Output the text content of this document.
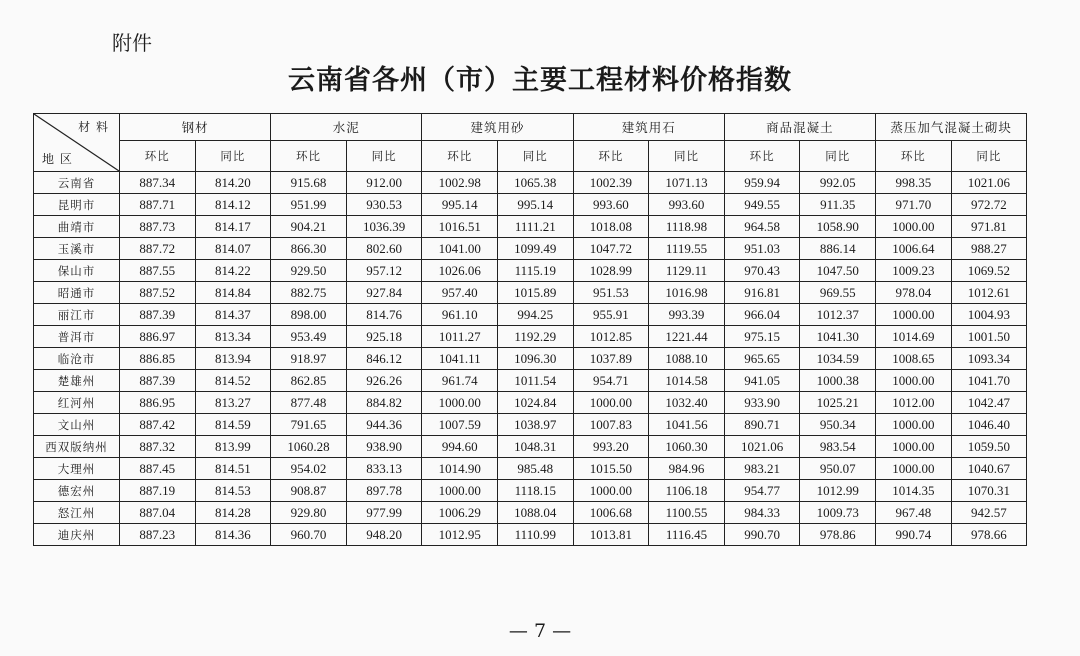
附件
云南省各州（市）主要工程材料价格指数
材 料
地 区	钢材		水泥		建筑用砂		建筑用石		商品混凝土		蒸压加气混凝土砌块	
	环比	同比	环比	同比	环比	同比	环比	同比	环比	同比	环比	同比
云南省	887.34	814.20	915.68	912.00	1002.98	1065.38	1002.39	1071.13	959.94	992.05	998.35	1021.06
昆明市	887.71	814.12	951.99	930.53	995.14	995.14	993.60	993.60	949.55	911.35	971.70	972.72
曲靖市	887.73	814.17	904.21	1036.39	1016.51	1111.21	1018.08	1118.98	964.58	1058.90	1000.00	971.81
玉溪市	887.72	814.07	866.30	802.60	1041.00	1099.49	1047.72	1119.55	951.03	886.14	1006.64	988.27
保山市	887.55	814.22	929.50	957.12	1026.06	1115.19	1028.99	1129.11	970.43	1047.50	1009.23	1069.52
昭通市	887.52	814.84	882.75	927.84	957.40	1015.89	951.53	1016.98	916.81	969.55	978.04	1012.61
丽江市	887.39	814.37	898.00	814.76	961.10	994.25	955.91	993.39	966.04	1012.37	1000.00	1004.93
普洱市	886.97	813.34	953.49	925.18	1011.27	1192.29	1012.85	1221.44	975.15	1041.30	1014.69	1001.50
临沧市	886.85	813.94	918.97	846.12	1041.11	1096.30	1037.89	1088.10	965.65	1034.59	1008.65	1093.34
楚雄州	887.39	814.52	862.85	926.26	961.74	1011.54	954.71	1014.58	941.05	1000.38	1000.00	1041.70
红河州	886.95	813.27	877.48	884.82	1000.00	1024.84	1000.00	1032.40	933.90	1025.21	1012.00	1042.47
文山州	887.42	814.59	791.65	944.36	1007.59	1038.97	1007.83	1041.56	890.71	950.34	1000.00	1046.40
西双版纳州	887.32	813.99	1060.28	938.90	994.60	1048.31	993.20	1060.30	1021.06	983.54	1000.00	1059.50
大理州	887.45	814.51	954.02	833.13	1014.90	985.48	1015.50	984.96	983.21	950.07	1000.00	1040.67
德宏州	887.19	814.53	908.87	897.78	1000.00	1118.15	1000.00	1106.18	954.77	1012.99	1014.35	1070.31
怒江州	887.04	814.28	929.80	977.99	1006.29	1088.04	1006.68	1100.55	984.33	1009.73	967.48	942.57
迪庆州	887.23	814.36	960.70	948.20	1012.95	1110.99	1013.81	1116.45	990.70	978.86	990.74	978.66
— 7 —
